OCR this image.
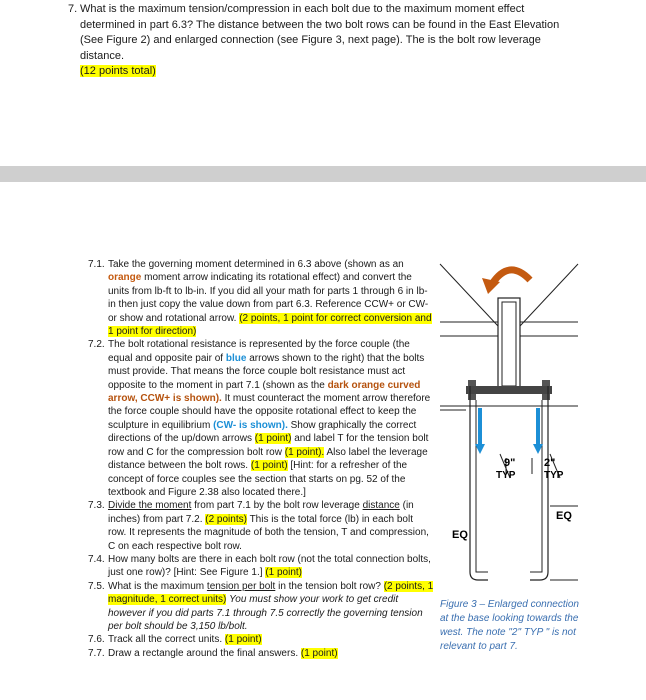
7. What is the maximum tension/compression in each bolt due to the maximum moment effect determined in part 6.3? The distance between the two bolt rows can be found in the East Elevation (See Figure 2) and enlarged connection (see Figure 3, next page). The is the bolt row leverage distance.
(12 points total)

7.1. Take the governing moment determined in 6.3 above (shown as an orange moment arrow indicating its rotational effect) and convert the units from lb-ft to lb-in. If you did all your math for parts 1 through 6 in lb-in then just copy the value down from part 6.3. Reference CCW+ or CW- or show and rotational arrow. (2 points, 1 point for correct conversion and 1 point for direction)

7.2. The bolt rotational resistance is represented by the force couple (the equal and opposite pair of blue arrows shown to the right) that the bolts must provide. That means the force couple bolt resistance must act opposite to the moment in part 7.1 (shown as the dark orange curved arrow, CCW+ is shown). It must counteract the moment arrow therefore the force couple should have the opposite rotational effect to keep the sculpture in equilibrium (CW- is shown). Show graphically the correct directions of the up/down arrows (1 point) and label T for the tension bolt row and C for the compression bolt row (1 point). Also label the leverage distance between the bolt rows. (1 point) [Hint: for a refresher of the concept of force couples see the section that starts on pg. 52 of the textbook and Figure 2.38 also located there.]

7.3. Divide the moment from part 7.1 by the bolt row leverage distance (in inches) from part 7.2. (2 points) This is the total force (lb) in each bolt row. It represents the magnitude of both the tension, T and compression, C on each respective bolt row.

7.4. How many bolts are there in each bolt row (not the total connection bolts, just one row)? [Hint: See Figure 1.] (1 point)

7.5. What is the maximum tension per bolt in the tension bolt row? (2 points, 1 magnitude, 1 correct units) You must show your work to get credit however if you did parts 7.1 through 7.5 correctly the governing tension per bolt should be 3,150 lb/bolt.

7.6. Track all the correct units. (1 point)

7.7. Draw a rectangle around the final answers. (1 point)

9"
TYP
2"
TYP
EQ
EQ
Figure 3 – Enlarged connection at the base looking towards the west. The note "2" TYP " is not relevant to part 7.
